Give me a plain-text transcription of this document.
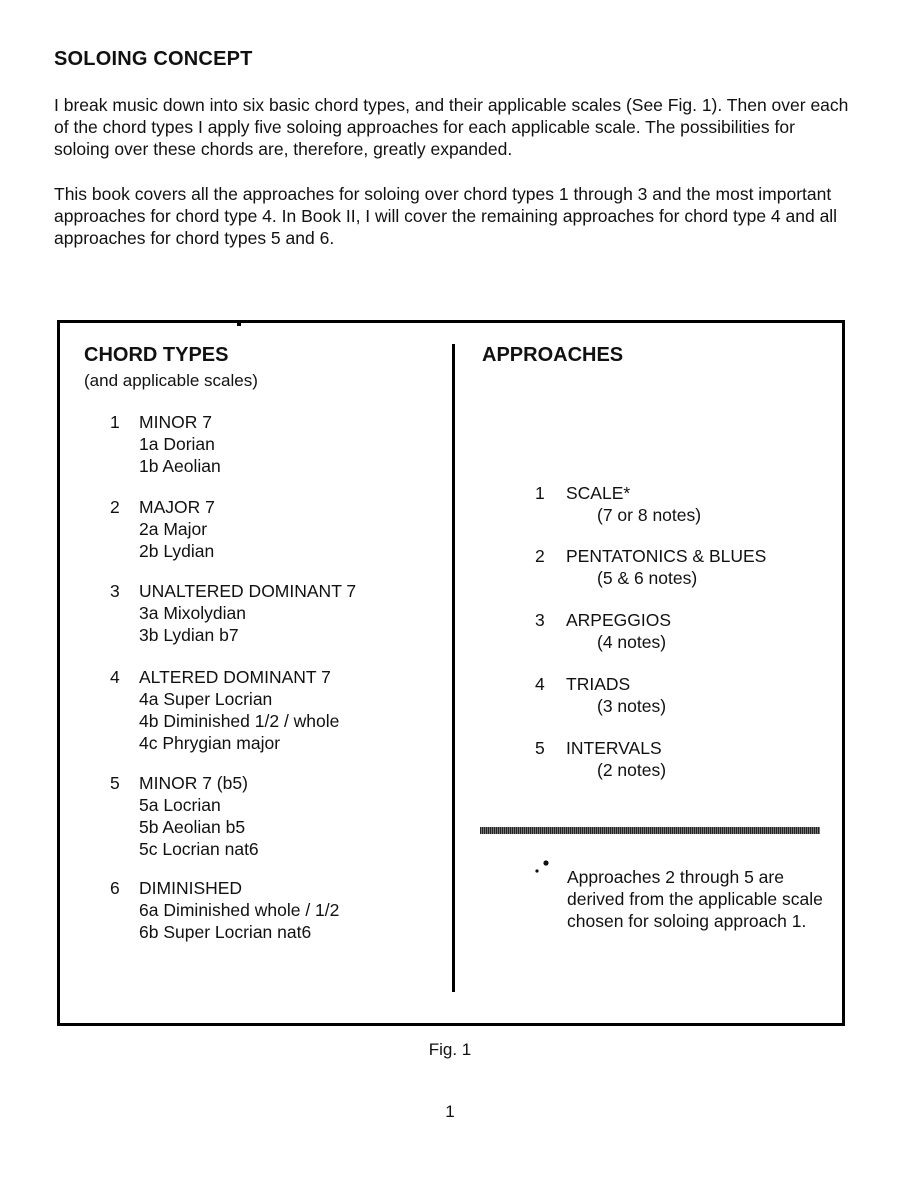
SOLOING CONCEPT

I break music down into six basic chord types, and their applicable scales (See Fig. 1). Then over each of the chord types I apply five soloing approaches for each applicable scale. The possibilities for soloing over these chords are, therefore, greatly expanded.

This book covers all the approaches for soloing over chord types 1 through 3 and the most important approaches for chord type 4. In Book II, I will cover the remaining approaches for chord type 4 and all approaches for chord types 5 and 6.

CHORD TYPES

(and applicable scales)

1	MINOR 7
1a Dorian
1b Aeolian
2	MAJOR 7
2a Major
2b Lydian
3	UNALTERED DOMINANT 7
3a Mixolydian
3b Lydian b7
4	ALTERED DOMINANT 7
4a Super Locrian
4b Diminished 1/2 / whole
4c Phrygian major
5	MINOR 7 (b5)
5a Locrian
5b Aeolian b5
5c Locrian nat6
6	DIMINISHED
6a Diminished whole / 1/2
6b Super Locrian nat6
APPROACHES
1	SCALE*
(7 or 8 notes)
2	PENTATONICS & BLUES
(5 & 6 notes)
3	ARPEGGIOS
(4 notes)
4	TRIADS
(3 notes)
5	INTERVALS
(2 notes)

Approaches 2 through 5 are derived from the applicable scale chosen for soloing approach 1.

Fig. 1

1
